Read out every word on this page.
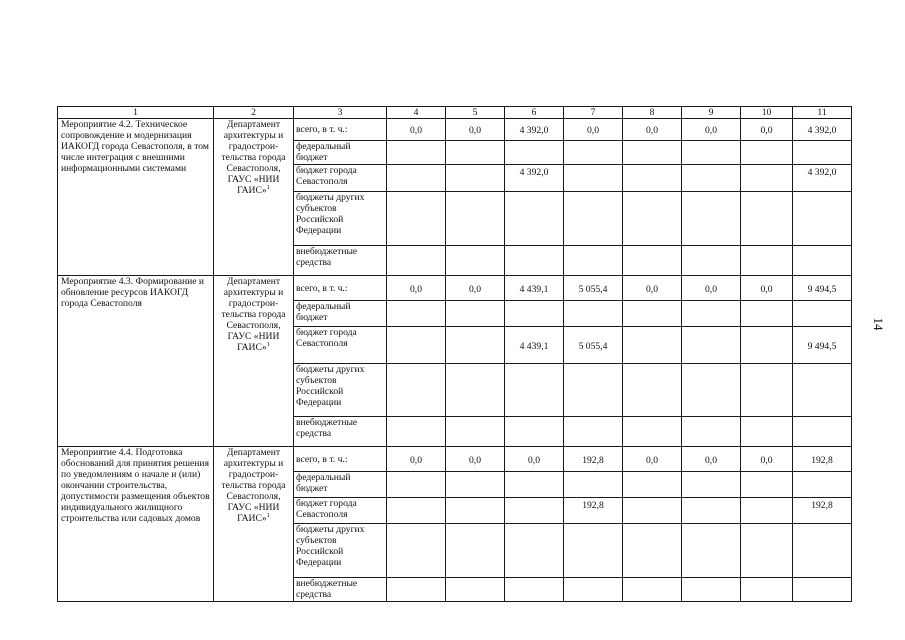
14
1	2	3	4	5	6	7	8	9	10	11
Мероприятие 4.2. Техническое сопровождение и модернизация ИАКОГД города Севастополя, в том числе интеграция с внешними информационными системами	Департамент архитектуры и градострои-тельства города Севастополя, ГАУС «НИИ ГАИС»$^1$	всего, в т. ч.:	0,0	0,0	4 392,0	0,0	0,0	0,0	0,0	4 392,0
		федеральный бюджет								
		бюджет города Севастополя			4 392,0					4 392,0
		бюджеты других субъектов Российской Федерации								
		внебюджетные средства								
Мероприятие 4.3. Формирование и обновление ресурсов ИАКОГД города Севастополя	Департамент архитектуры и градострои-тельства города Севастополя, ГАУС «НИИ ГАИС»$^1$	всего, в т. ч.:	0,0	0,0	4 439,1	5 055,4	0,0	0,0	0,0	9 494,5
		федеральный бюджет								
		бюджет города Севастополя			4 439,1	5 055,4				9 494,5
		бюджеты других субъектов Российской Федерации								
		внебюджетные средства								
Мероприятие 4.4. Подготовка обоснований для принятия решения по уведомлениям о начале и (или) окончании строительства, допустимости размещения объектов индивидуального жилищного строительства или садовых домов	Департамент архитектуры и градострои-тельства города Севастополя, ГАУС «НИИ ГАИС»$^1$	всего, в т. ч.:	0,0	0,0	0,0	192,8	0,0	0,0	0,0	192,8
		федеральный бюджет								
		бюджет города Севастополя				192,8				192,8
		бюджеты других субъектов Российской Федерации								
		внебюджетные средства								
